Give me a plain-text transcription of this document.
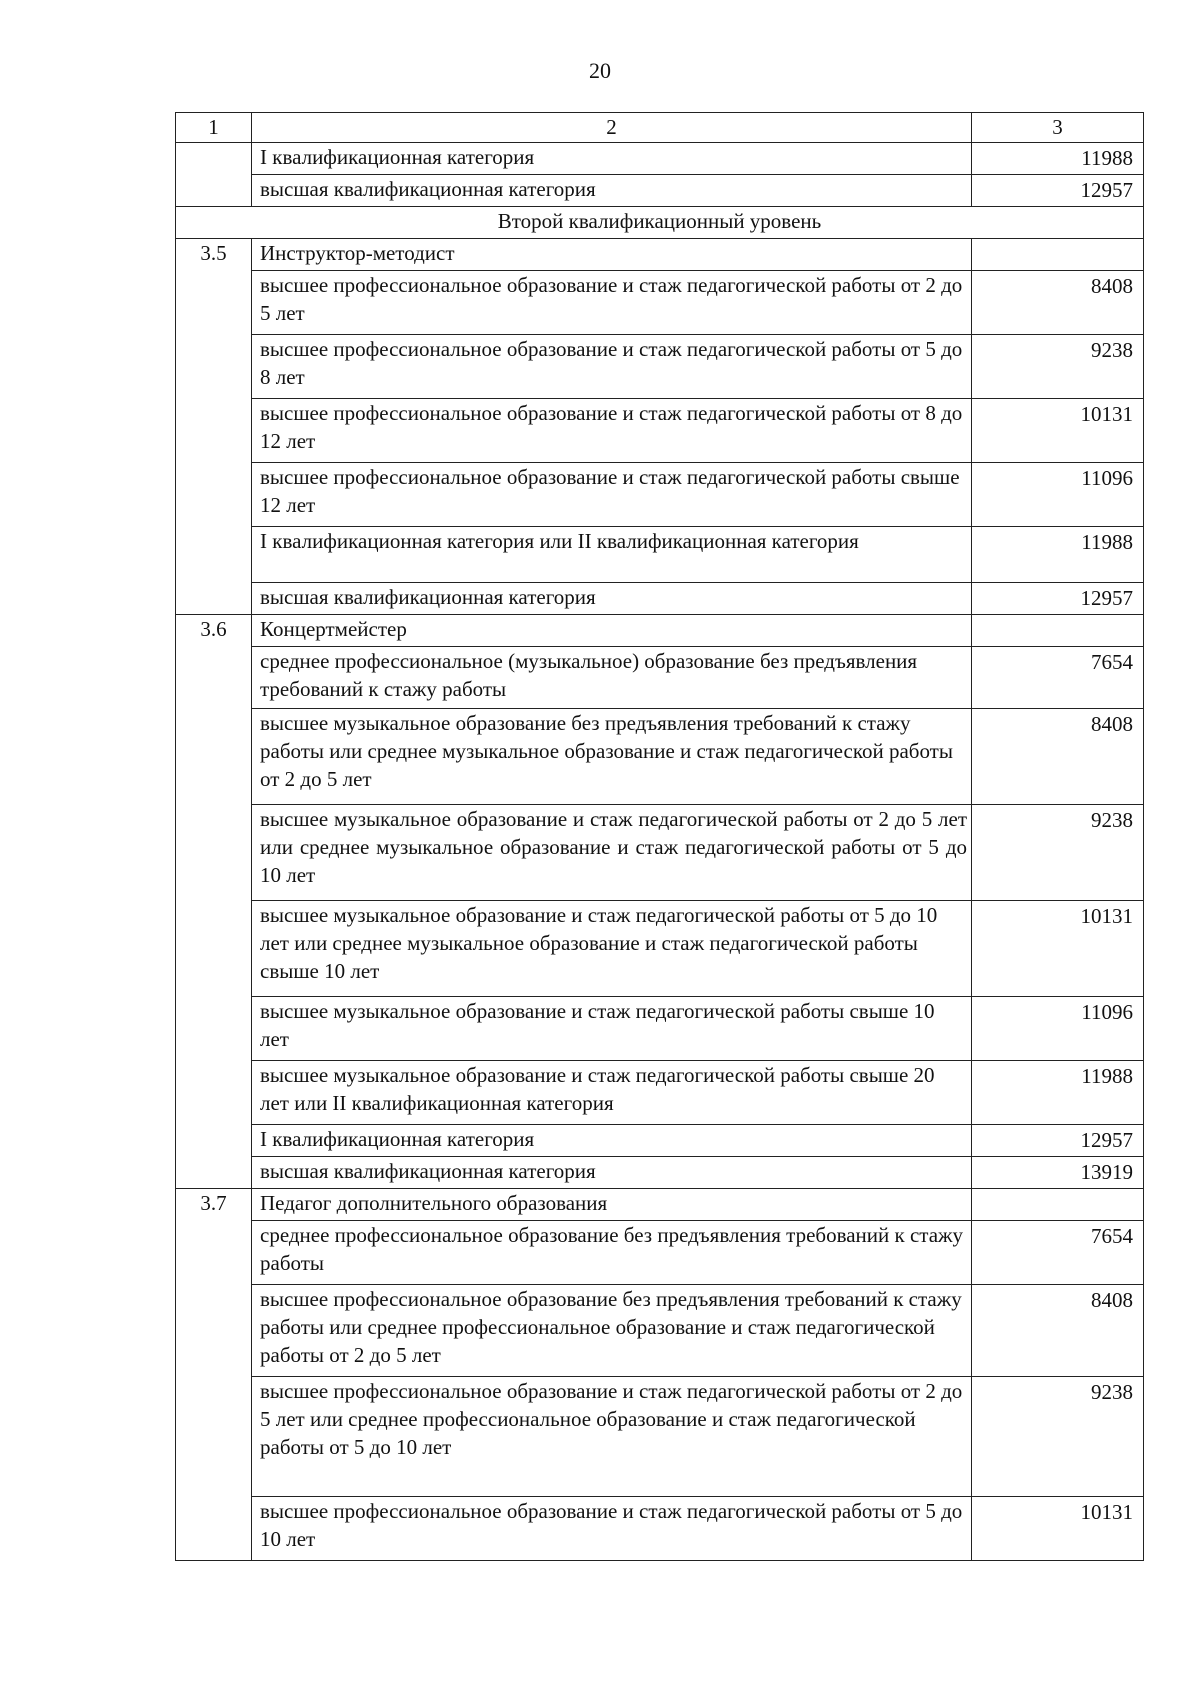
20
1	2	3
	I квалификационная категория	11988
	высшая квалификационная категория	12957
Второй квалификационный уровень		
3.5	Инструктор-методист	
	высшее профессиональное образование и стаж педагогической работы от 2 до 5 лет	8408
	высшее профессиональное образование и стаж педагогической работы от 5 до 8 лет	9238
	высшее профессиональное образование и стаж педагогической работы от 8 до 12 лет	10131
	высшее профессиональное образование и стаж педагогической работы свыше 12 лет	11096
	I квалификационная категория или II квалификационная категория	11988
	высшая квалификационная категория	12957
3.6	Концертмейстер	
	среднее профессиональное (музыкальное) образование без предъявления требований к стажу работы	7654
	высшее музыкальное образование без предъявления требований к стажу работы или среднее музыкальное образование и стаж педагогической работы от 2 до 5 лет	8408
	высшее музыкальное образование и стаж педагогической работы от 2 до 5 лет или среднее музыкальное образование и стаж педагогической работы от 5 до 10 лет	9238
	высшее музыкальное образование и стаж педагогической работы от 5 до 10 лет или среднее музыкальное образование и стаж педагогической работы свыше 10 лет	10131
	высшее музыкальное образование и стаж педагогической работы свыше 10 лет	11096
	высшее музыкальное образование и стаж педагогической работы свыше 20 лет или II квалификационная категория	11988
	I квалификационная категория	12957
	высшая квалификационная категория	13919
3.7	Педагог дополнительного образования	
	среднее профессиональное образование без предъявления требований к стажу работы	7654
	высшее профессиональное образование без предъявления требований к стажу работы или среднее профессиональное образование и стаж педагогической работы от 2 до 5 лет	8408
	высшее профессиональное образование и стаж педагогической работы от 2 до 5 лет или среднее профессиональное образование и стаж педагогической работы от 5 до 10 лет	9238
	высшее профессиональное образование и стаж педагогической работы от 5 до 10 лет	10131
